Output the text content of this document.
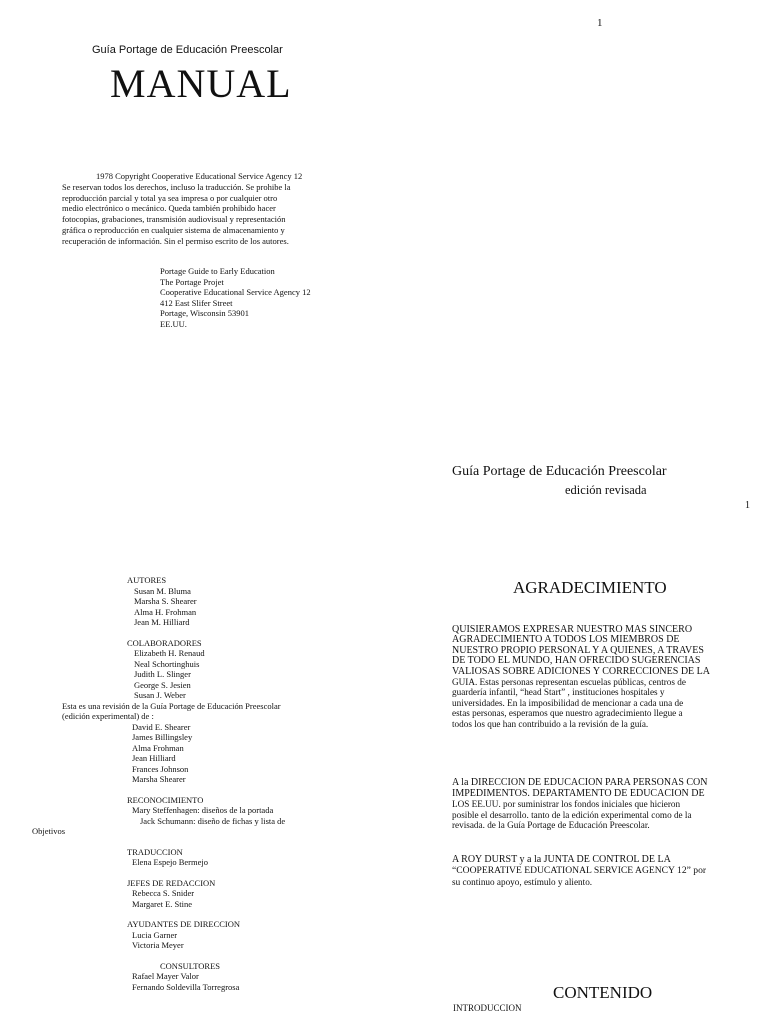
1
Guía Portage de Educación Preescolar
MANUAL
1978 Copyright Cooperative Educational Service Agency 12
Se reservan todos los derechos, incluso la traducción. Se prohibe la
reproducción parcial y total ya sea impresa o por cualquier otro
medio electrónico o mecánico. Queda también prohibido hacer
fotocopias, grabaciones, transmisión audiovisual y representación
gráfica o reproducción en cualquier sistema de almacenamiento y
recuperación de información. Sin el permiso escrito de los autores.
Portage Guide to Early Education
The Portage Projet
Cooperative Educational Service Agency 12
412 East Slifer Street
Portage, Wisconsin 53901
EE.UU.
Guía Portage de Educación Preescolar
edición revisada
1
AUTORES
Susan M. Bluma
Marsha S. Shearer
Alma H. Frohman
Jean M. Hilliard
COLABORADORES
Elizabeth H. Renaud
Neal Schortinghuis
Judith L. Slinger
George S. Jesien
Susan J. Weber
Esta es una revisión de la Guía Portage de Educación Preescolar
(edición experimental) de :
David E. Shearer
James Billingsley
Alma Frohman
Jean Hilliard
Frances Johnson
Marsha Shearer
RECONOCIMIENTO
Mary Steffenhagen: diseños de la portada
Jack Schumann: diseño de fichas y lista de
Objetivos
TRADUCCION
Elena Espejo Bermejo
JEFES DE REDACCION
Rebecca S. Snider
Margaret E. Stine
AYUDANTES DE DIRECCION
Lucia Garner
Victoria Meyer
CONSULTORES
Rafael Mayer Valor
Fernando Soldevilla Torregrosa
AGRADECIMIENTO
QUISIERAMOS EXPRESAR NUESTRO MAS SINCERO
AGRADECIMIENTO A TODOS LOS MIEMBROS DE
NUESTRO PROPIO PERSONAL Y A QUIENES, A TRAVES
DE TODO EL MUNDO, HAN OFRECIDO SUGERENCIAS
VALIOSAS SOBRE ADICIONES Y CORRECCIONES DE LA
GUIA. Estas personas representan escuelas públicas, centros de
guardería infantil, “head Start” , instituciones hospitales y
universidades. En la imposibilidad de mencionar a cada una de
estas personas, esperamos que nuestro agradecimiento llegue a
todos los que han contribuido a la revisión de la guía.
A la DIRECCION DE EDUCACION PARA PERSONAS CON
IMPEDIMENTOS. DEPARTAMENTO DE EDUCACION DE
LOS EE.UU. por suministrar los fondos iniciales que hicieron
posible el desarrollo. tanto de la edición experimental como de la
revisada. de la Guía Portage de Educación Preescolar.
A ROY DURST y a la JUNTA DE CONTROL DE LA
“COOPERATIVE EDUCATIONAL SERVICE AGENCY 12” por
su continuo apoyo, estímulo y aliento.
CONTENIDO
INTRODUCCION
